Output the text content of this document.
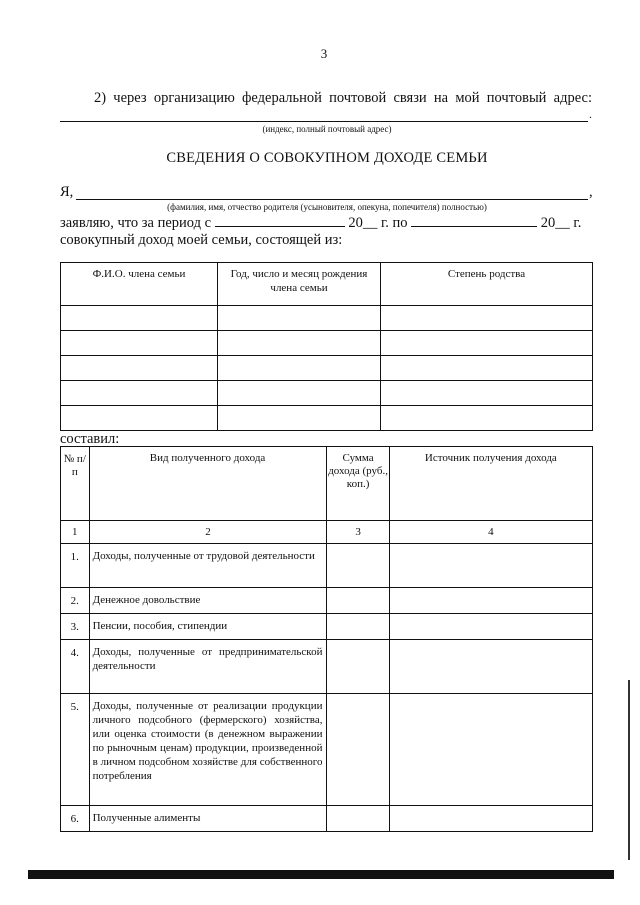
3
2) через организацию федеральной почтовой связи на мой почтовый адрес:
.
(индекс, полный почтовый адрес)
СВЕДЕНИЯ О СОВОКУПНОМ ДОХОДЕ СЕМЬИ
Я,	,
(фамилия, имя, отчество родителя (усыновителя, опекуна, попечителя) полностью)
заявляю, что за период с	20__ г. по	20__ г.
совокупный доход моей семьи, состоящей из:
Ф.И.О. члена семьи	Год, число и месяц рождения члена семьи	Степень родства

составил:
№ п/п	Вид полученного дохода	Сумма дохода (руб., коп.)	Источник получения дохода
1	2	3	4
1.	Доходы, полученные от трудовой деятельности		
2.	Денежное довольствие		
3.	Пенсии, пособия, стипендии		
4.	Доходы, полученные от предпринимательской деятельности		
5.	Доходы, полученные от реализации продукции личного подсобного (фермерского) хозяйства, или оценка стоимости (в денежном выражении по рыночным ценам) продукции, произведенной в личном подсобном хозяйстве для собственного потребления		
6.	Полученные алименты		
